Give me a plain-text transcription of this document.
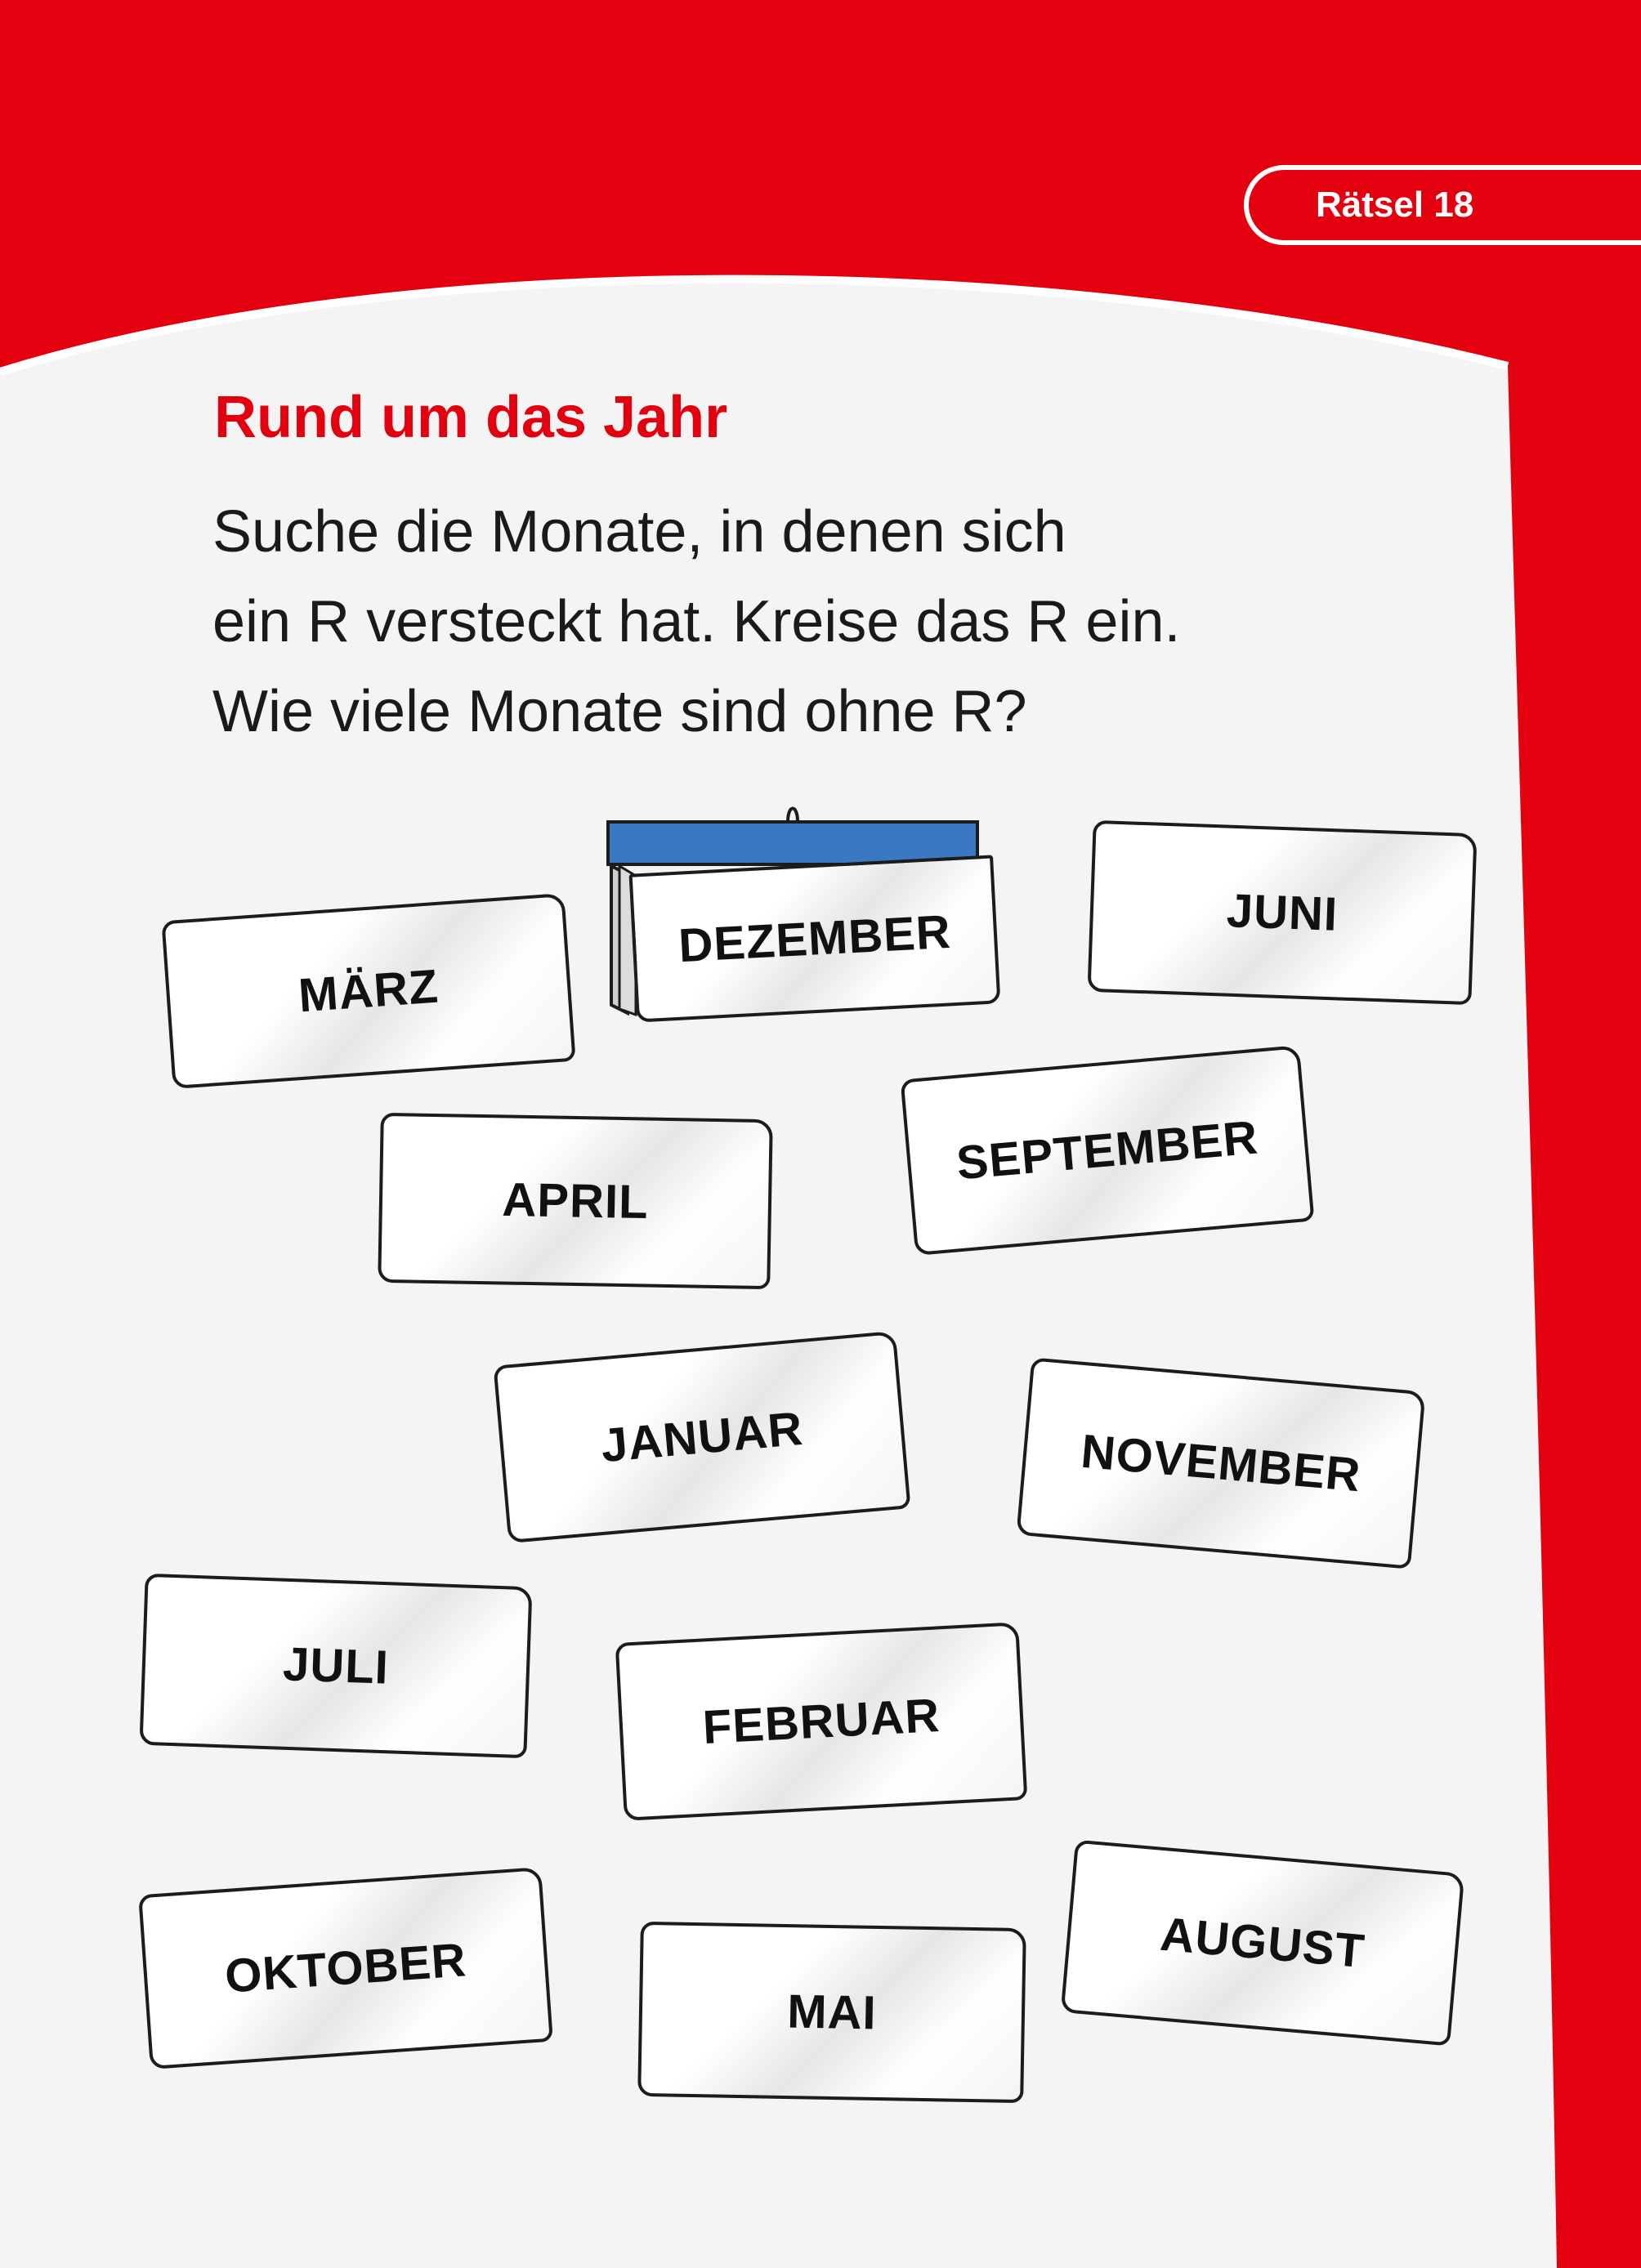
Rätsel 18
Rund um das Jahr
Suche die Monate, in denen sich
ein R versteckt hat. Kreise das R ein.
Wie viele Monate sind ohne R?
MÄRZ
DEZEMBER	JUNI
APRIL
SEPTEMBER
JANUAR	NOVEMBER
JULI
FEBRUAR
OKTOBER
MAI
AUGUST
